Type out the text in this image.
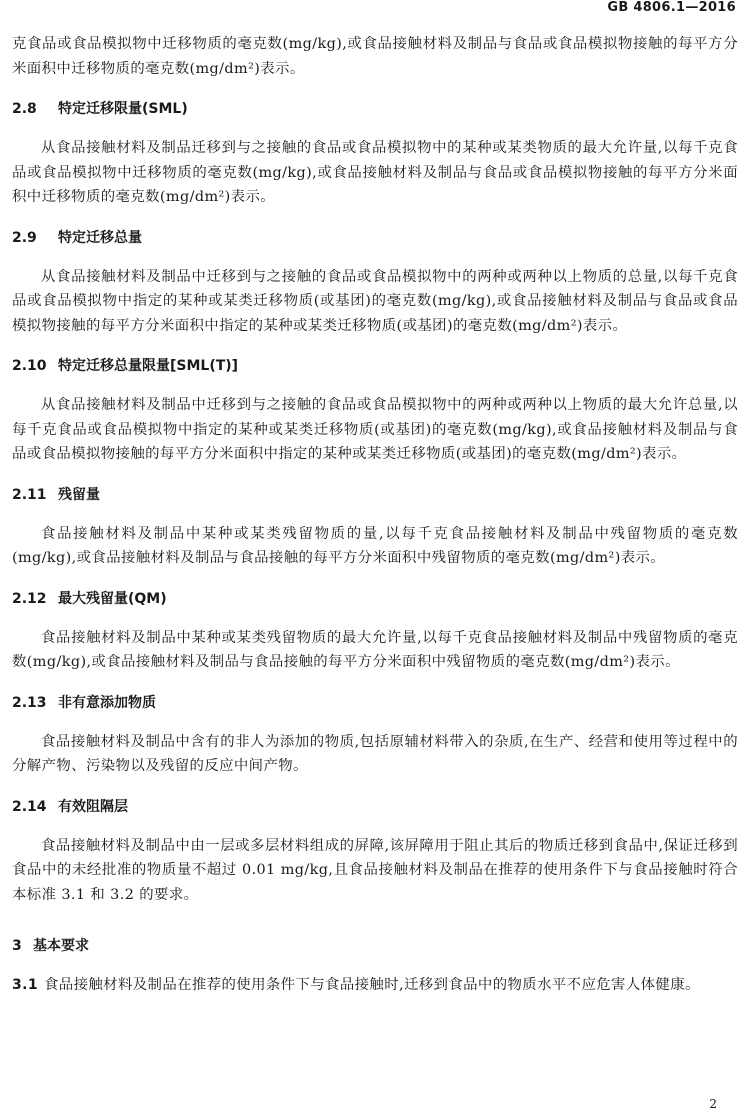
GB 4806.1—2016

克食品或食品模拟物中迁移物质的毫克数(mg/kg),或食品接触材料及制品与食品或食品模拟物接触的每平方分米面积中迁移物质的毫克数(mg/dm²)表示。

2.8 特定迁移限量(SML)

从食品接触材料及制品迁移到与之接触的食品或食品模拟物中的某种或某类物质的最大允许量,以每千克食品或食品模拟物中迁移物质的毫克数(mg/kg),或食品接触材料及制品与食品或食品模拟物接触的每平方分米面积中迁移物质的毫克数(mg/dm²)表示。

2.9 特定迁移总量

从食品接触材料及制品中迁移到与之接触的食品或食品模拟物中的两种或两种以上物质的总量,以每千克食品或食品模拟物中指定的某种或某类迁移物质(或基团)的毫克数(mg/kg),或食品接触材料及制品与食品或食品模拟物接触的每平方分米面积中指定的某种或某类迁移物质(或基团)的毫克数(mg/dm²)表示。

2.10 特定迁移总量限量[SML(T)]

从食品接触材料及制品中迁移到与之接触的食品或食品模拟物中的两种或两种以上物质的最大允许总量,以每千克食品或食品模拟物中指定的某种或某类迁移物质(或基团)的毫克数(mg/kg),或食品接触材料及制品与食品或食品模拟物接触的每平方分米面积中指定的某种或某类迁移物质(或基团)的毫克数(mg/dm²)表示。

2.11 残留量

食品接触材料及制品中某种或某类残留物质的量,以每千克食品接触材料及制品中残留物质的毫克数(mg/kg),或食品接触材料及制品与食品接触的每平方分米面积中残留物质的毫克数(mg/dm²)表示。

2.12 最大残留量(QM)

食品接触材料及制品中某种或某类残留物质的最大允许量,以每千克食品接触材料及制品中残留物质的毫克数(mg/kg),或食品接触材料及制品与食品接触的每平方分米面积中残留物质的毫克数(mg/dm²)表示。

2.13 非有意添加物质

食品接触材料及制品中含有的非人为添加的物质,包括原辅材料带入的杂质,在生产、经营和使用等过程中的分解产物、污染物以及残留的反应中间产物。

2.14 有效阻隔层

食品接触材料及制品中由一层或多层材料组成的屏障,该屏障用于阻止其后的物质迁移到食品中,保证迁移到食品中的未经批准的物质量不超过 0.01 mg/kg,且食品接触材料及制品在推荐的使用条件下与食品接触时符合本标准 3.1 和 3.2 的要求。

3 基本要求

3.1 食品接触材料及制品在推荐的使用条件下与食品接触时,迁移到食品中的物质水平不应危害人体健康。

2
